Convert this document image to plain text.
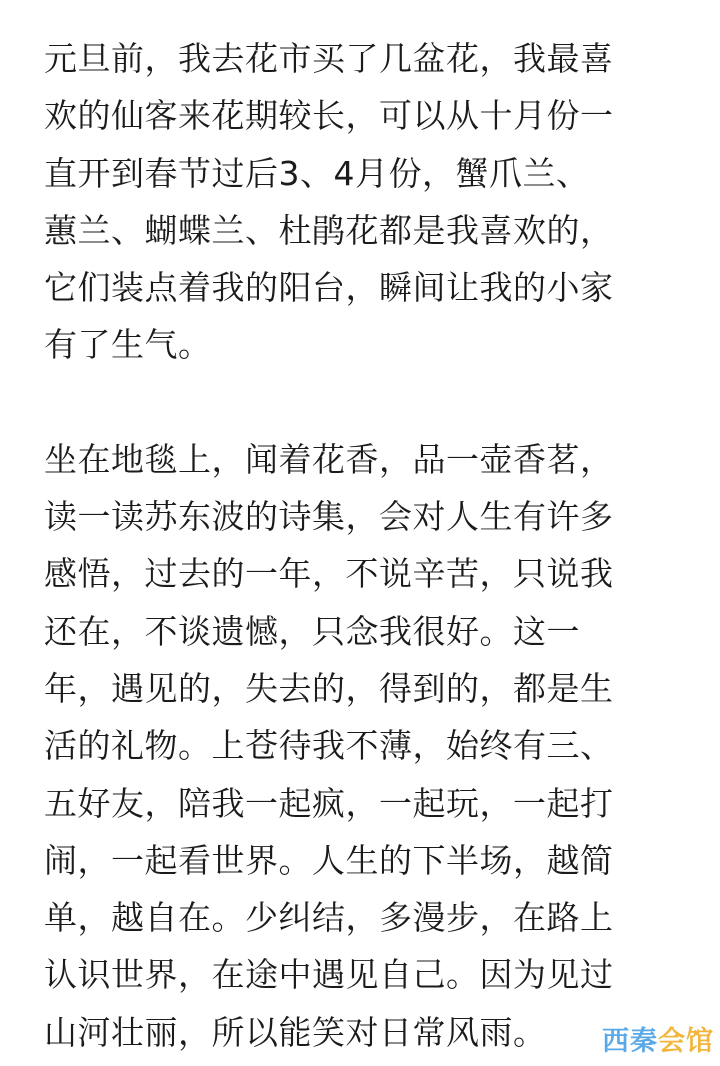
元旦前，我去花市买了几盆花，我最喜
欢的仙客来花期较长，可以从十月份一
直开到春节过后3、4月份，蟹爪兰、
蕙兰、蝴蝶兰、杜鹃花都是我喜欢的，
它们装点着我的阳台，瞬间让我的小家
有了生气。
坐在地毯上，闻着花香，品一壶香茗，
读一读苏东波的诗集，会对人生有许多
感悟，过去的一年，不说辛苦，只说我
还在，不谈遗憾，只念我很好。这一
年，遇见的，失去的，得到的，都是生
活的礼物。上苍待我不薄，始终有三、
五好友，陪我一起疯，一起玩，一起打
闹，一起看世界。人生的下半场，越简
单，越自在。少纠结，多漫步，在路上
认识世界，在途中遇见自己。因为见过
山河壮丽，所以能笑对日常风雨。	西秦会馆
